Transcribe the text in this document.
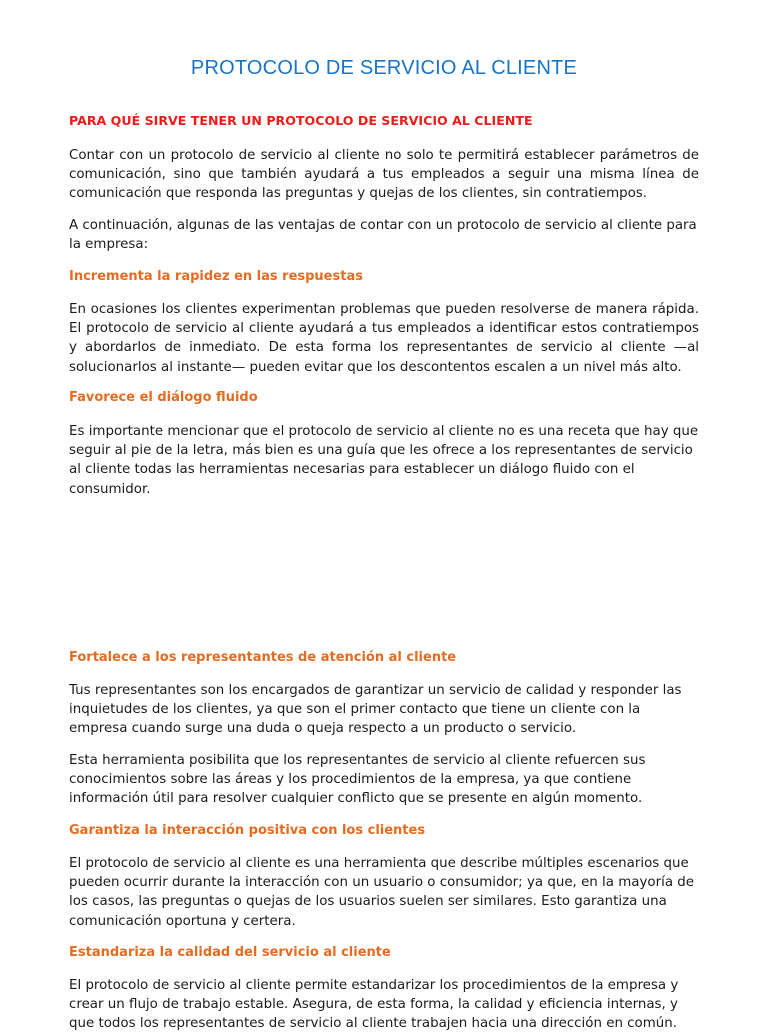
PROTOCOLO DE SERVICIO AL CLIENTE
PARA QUÉ SIRVE TENER UN PROTOCOLO DE SERVICIO AL CLIENTE

Contar con un protocolo de servicio al cliente no solo te permitirá establecer parámetros de comunicación, sino que también ayudará a tus empleados a seguir una misma línea de comunicación que responda las preguntas y quejas de los clientes, sin contratiempos.

A continuación, algunas de las ventajas de contar con un protocolo de servicio al cliente para la empresa:

Incrementa la rapidez en las respuestas

En ocasiones los clientes experimentan problemas que pueden resolverse de manera rápida. El protocolo de servicio al cliente ayudará a tus empleados a identificar estos contratiempos y abordarlos de inmediato. De esta forma los representantes de servicio al cliente —al solucionarlos al instante— pueden evitar que los descontentos escalen a un nivel más alto.

Favorece el diálogo fluido

Es importante mencionar que el protocolo de servicio al cliente no es una receta que hay que seguir al pie de la letra, más bien es una guía que les ofrece a los representantes de servicio al cliente todas las herramientas necesarias para establecer un diálogo fluido con el consumidor.

Fortalece a los representantes de atención al cliente

Tus representantes son los encargados de garantizar un servicio de calidad y responder las inquietudes de los clientes, ya que son el primer contacto que tiene un cliente con la empresa cuando surge una duda o queja respecto a un producto o servicio.

Esta herramienta posibilita que los representantes de servicio al cliente refuercen sus conocimientos sobre las áreas y los procedimientos de la empresa, ya que contiene información útil para resolver cualquier conflicto que se presente en algún momento.

Garantiza la interacción positiva con los clientes

El protocolo de servicio al cliente es una herramienta que describe múltiples escenarios que pueden ocurrir durante la interacción con un usuario o consumidor; ya que, en la mayoría de los casos, las preguntas o quejas de los usuarios suelen ser similares. Esto garantiza una comunicación oportuna y certera.

Estandariza la calidad del servicio al cliente

El protocolo de servicio al cliente permite estandarizar los procedimientos de la empresa y crear un flujo de trabajo estable. Asegura, de esta forma, la calidad y eficiencia internas, y que todos los representantes de servicio al cliente trabajen hacia una dirección en común.
